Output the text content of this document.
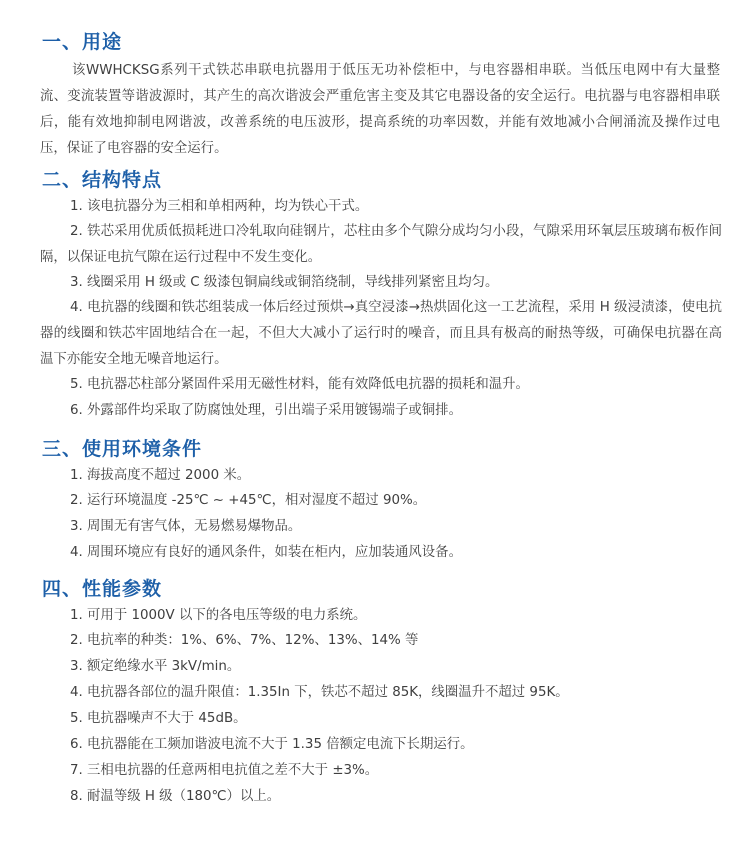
一、用途

该WWHCKSG系列干式铁芯串联电抗器用于低压无功补偿柜中，与电容器相串联。当低压电网中有大量整流、变流装置等谐波源时，其产生的高次谐波会严重危害主变及其它电器设备的安全运行。电抗器与电容器相串联后，能有效地抑制电网谐波，改善系统的电压波形，提高系统的功率因数，并能有效地减小合闸涌流及操作过电压，保证了电容器的安全运行。

二、结构特点

1. 该电抗器分为三相和单相两种，均为铁心干式。

2. 铁芯采用优质低损耗进口冷轧取向硅钢片，芯柱由多个气隙分成均匀小段，气隙采用环氧层压玻璃布板作间隔，以保证电抗气隙在运行过程中不发生变化。

3. 线圈采用 H 级或 C 级漆包铜扁线或铜箔绕制，导线排列紧密且均匀。

4. 电抗器的线圈和铁芯组装成一体后经过预烘→真空浸漆→热烘固化这一工艺流程，采用 H 级浸渍漆，使电抗器的线圈和铁芯牢固地结合在一起，不但大大减小了运行时的噪音，而且具有极高的耐热等级，可确保电抗器在高温下亦能安全地无噪音地运行。

5. 电抗器芯柱部分紧固件采用无磁性材料，能有效降低电抗器的损耗和温升。

6. 外露部件均采取了防腐蚀处理，引出端子采用镀锡端子或铜排。

三、使用环境条件

1. 海拔高度不超过 2000 米。

2. 运行环境温度 -25℃ ~ +45℃，相对湿度不超过 90%。

3. 周围无有害气体，无易燃易爆物品。

4. 周围环境应有良好的通风条件，如装在柜内，应加装通风设备。

四、性能参数

1. 可用于 1000V 以下的各电压等级的电力系统。

2. 电抗率的种类：1%、6%、7%、12%、13%、14% 等

3. 额定绝缘水平 3kV/min。

4. 电抗器各部位的温升限值：1.35In 下，铁芯不超过 85K，线圈温升不超过 95K。

5. 电抗器噪声不大于 45dB。

6. 电抗器能在工频加谐波电流不大于 1.35 倍额定电流下长期运行。

7. 三相电抗器的任意两相电抗值之差不大于 ±3%。

8. 耐温等级 H 级（180℃）以上。
